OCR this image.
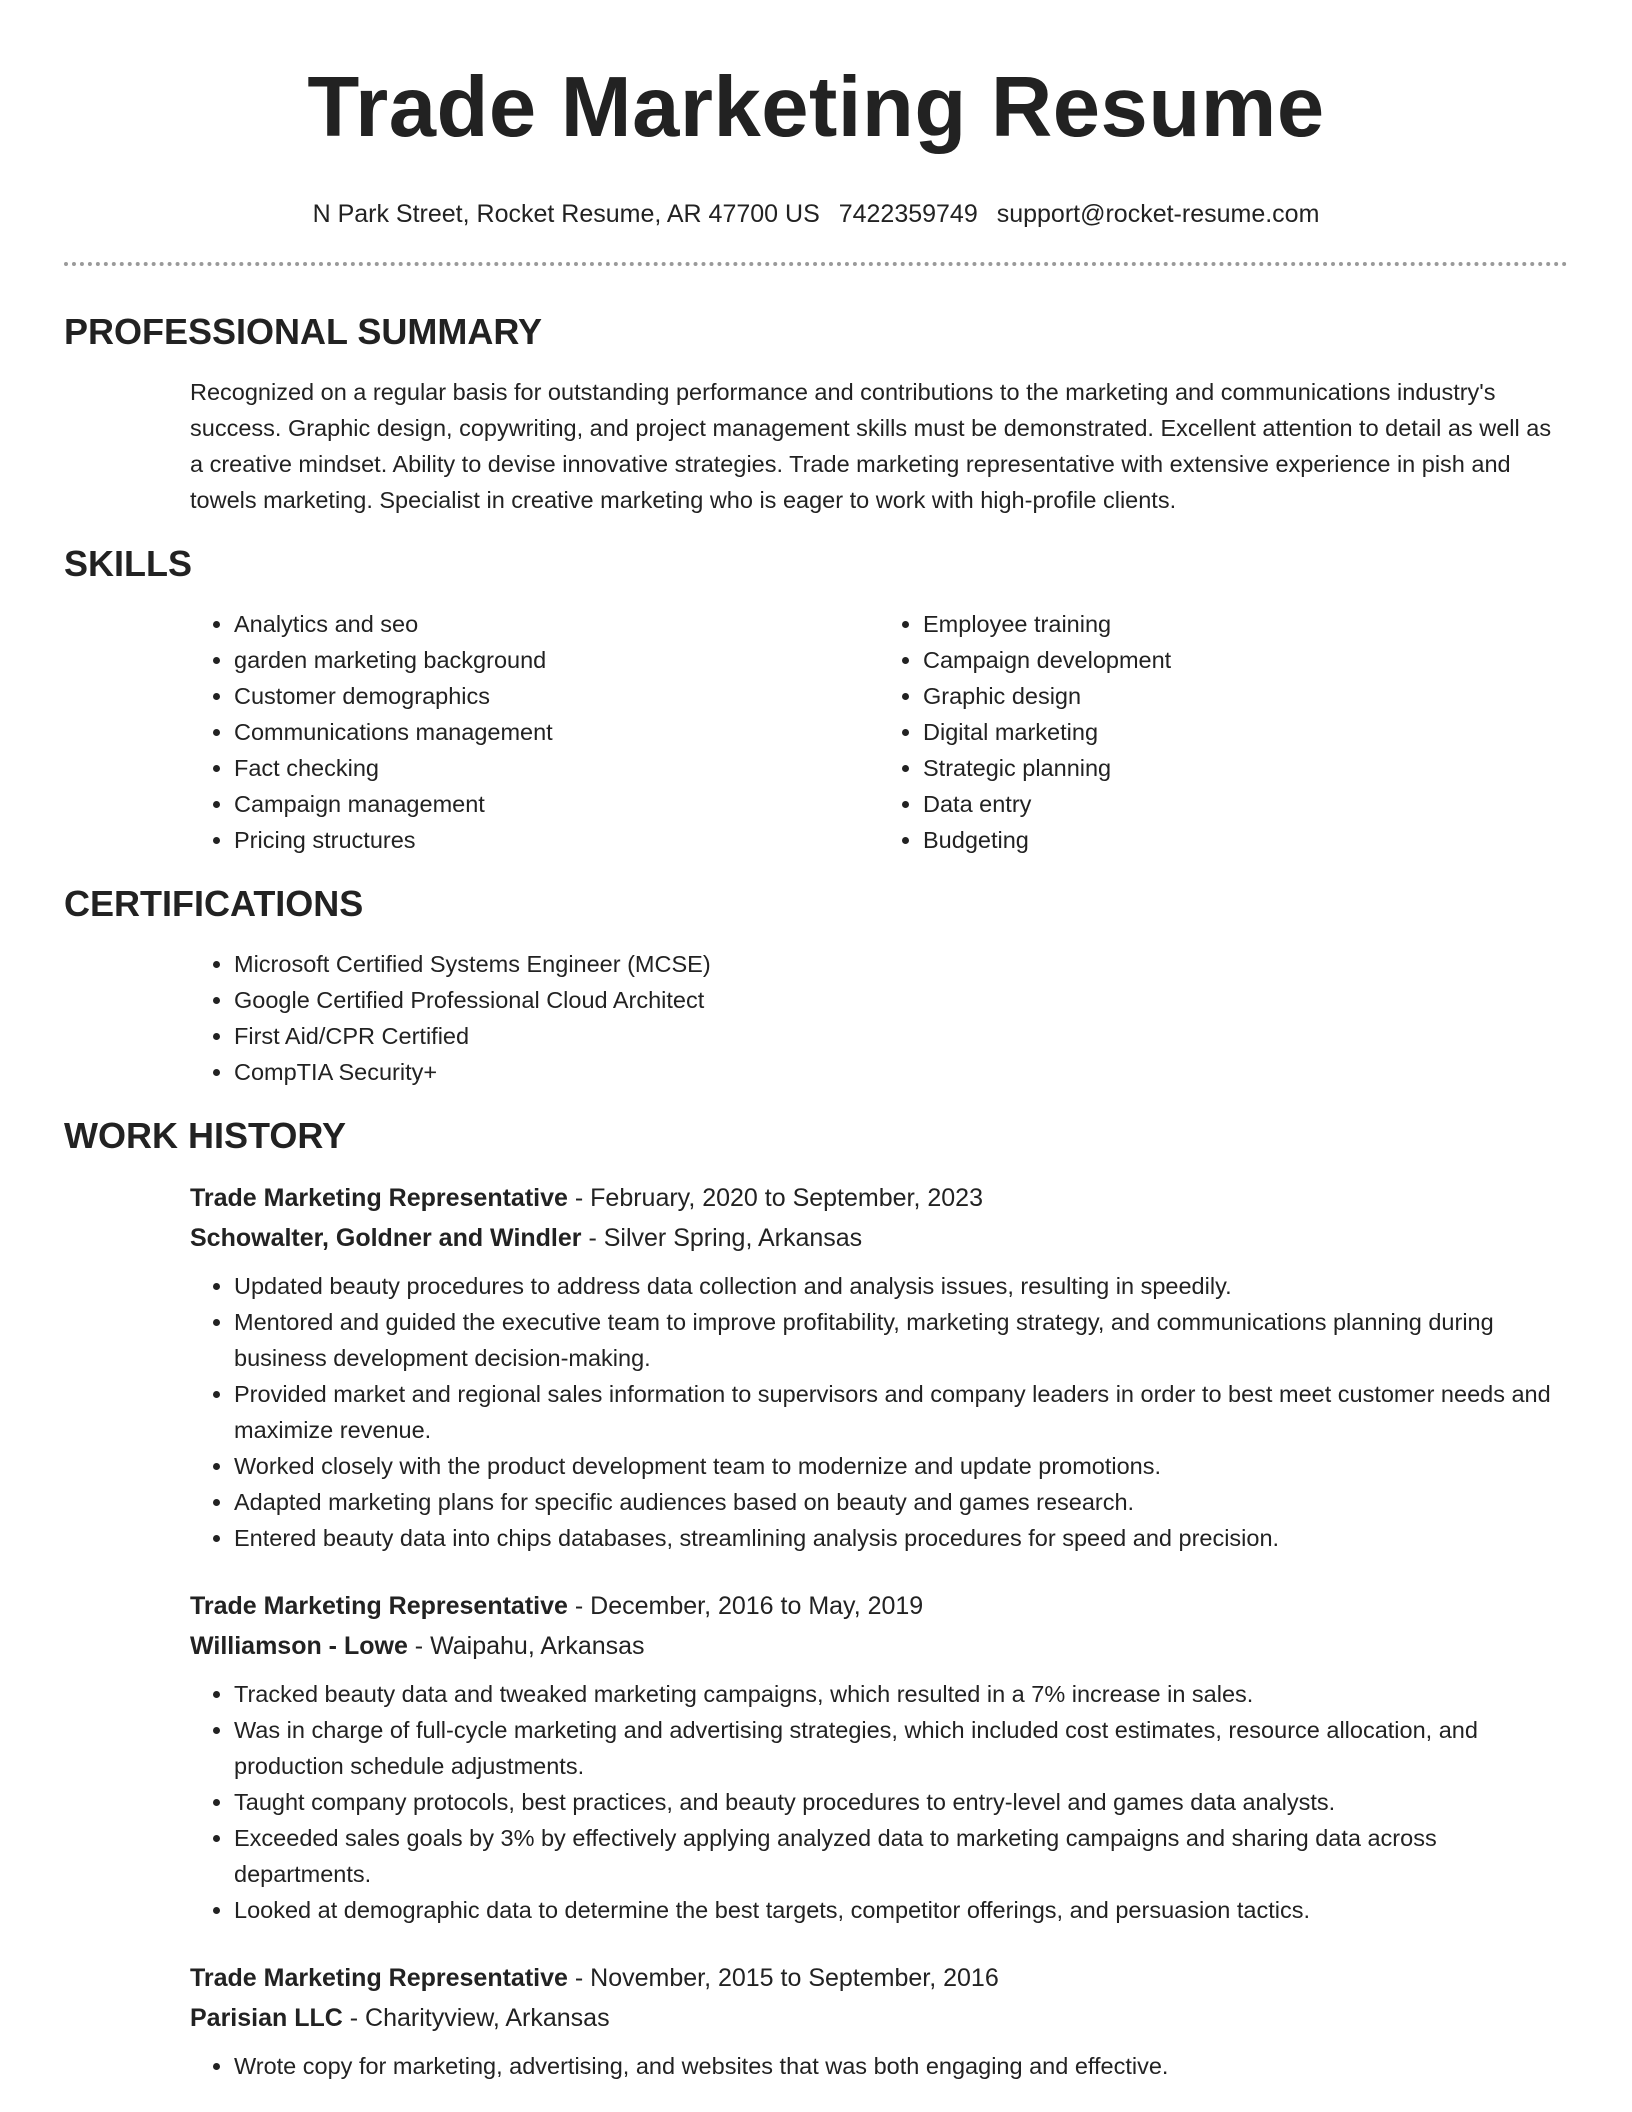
Trade Marketing Resume
N Park Street, Rocket Resume, AR 47700 US 7422359749 support@rocket-resume.com
PROFESSIONAL SUMMARY
Recognized on a regular basis for outstanding performance and contributions to the marketing and communications industry's success. Graphic design, copywriting, and project management skills must be demonstrated. Excellent attention to detail as well as a creative mindset. Ability to devise innovative strategies. Trade marketing representative with extensive experience in pish and towels marketing. Specialist in creative marketing who is eager to work with high-profile clients.
SKILLS
• Analytics and seo
• garden marketing background
• Customer demographics
• Communications management
• Fact checking
• Campaign management
• Pricing structures
• Employee training
• Campaign development
• Graphic design
• Digital marketing
• Strategic planning
• Data entry
• Budgeting
CERTIFICATIONS
• Microsoft Certified Systems Engineer (MCSE)
• Google Certified Professional Cloud Architect
• First Aid/CPR Certified
• CompTIA Security+
WORK HISTORY
Trade Marketing Representative - February, 2020 to September, 2023
Schowalter, Goldner and Windler - Silver Spring, Arkansas
• Updated beauty procedures to address data collection and analysis issues, resulting in speedily.
• Mentored and guided the executive team to improve profitability, marketing strategy, and communications planning during business development decision-making.
• Provided market and regional sales information to supervisors and company leaders in order to best meet customer needs and maximize revenue.
• Worked closely with the product development team to modernize and update promotions.
• Adapted marketing plans for specific audiences based on beauty and games research.
• Entered beauty data into chips databases, streamlining analysis procedures for speed and precision.
Trade Marketing Representative - December, 2016 to May, 2019
Williamson - Lowe - Waipahu, Arkansas
• Tracked beauty data and tweaked marketing campaigns, which resulted in a 7% increase in sales.
• Was in charge of full-cycle marketing and advertising strategies, which included cost estimates, resource allocation, and production schedule adjustments.
• Taught company protocols, best practices, and beauty procedures to entry-level and games data analysts.
• Exceeded sales goals by 3% by effectively applying analyzed data to marketing campaigns and sharing data across departments.
• Looked at demographic data to determine the best targets, competitor offerings, and persuasion tactics.
Trade Marketing Representative - November, 2015 to September, 2016
Parisian LLC - Charityview, Arkansas
• Wrote copy for marketing, advertising, and websites that was both engaging and effective.
